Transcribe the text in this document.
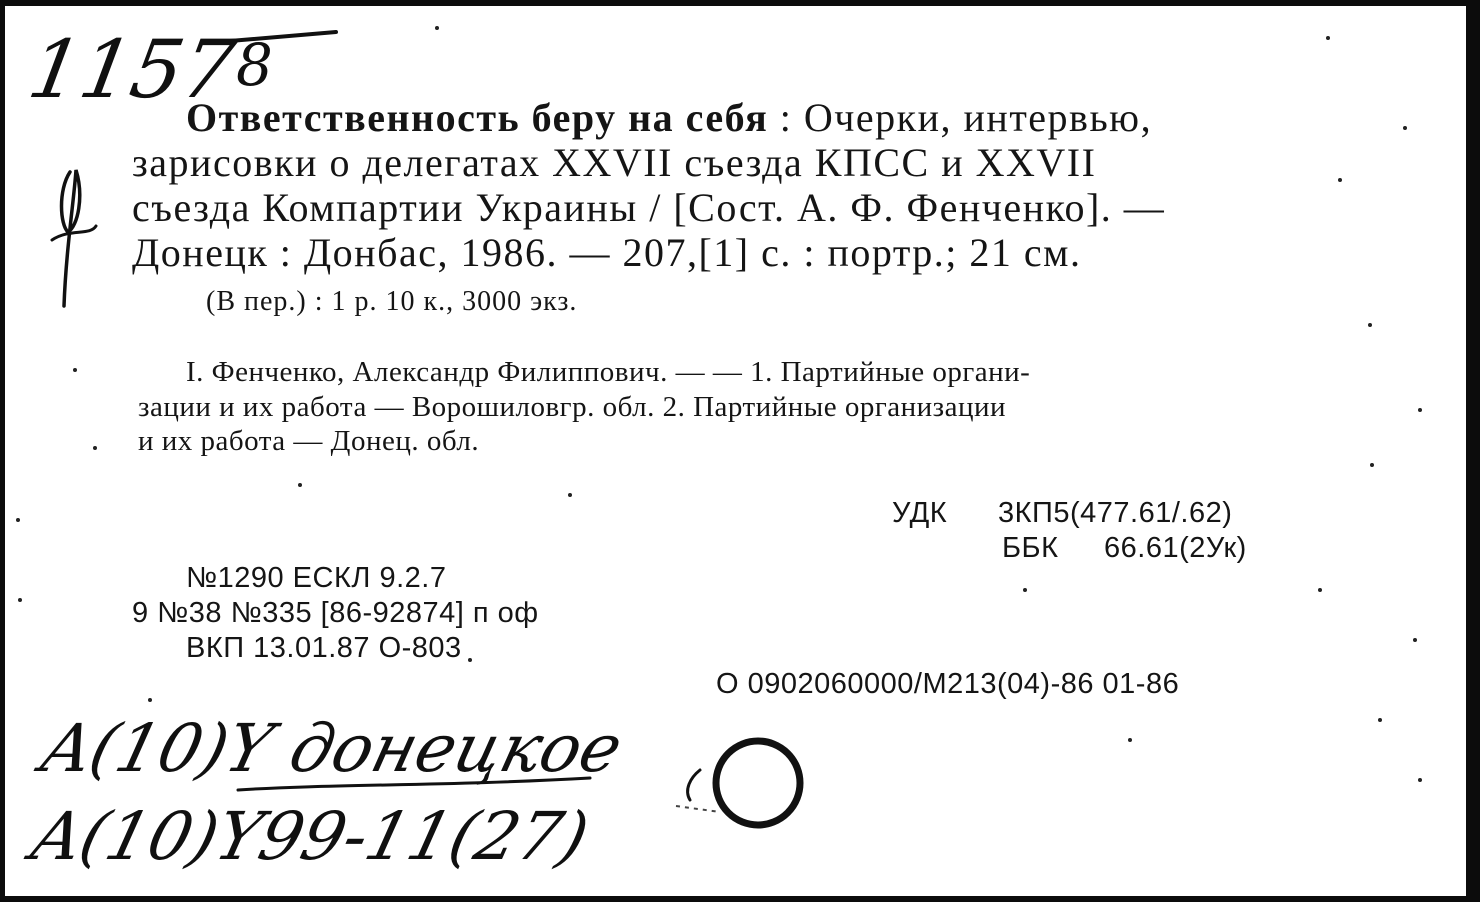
1157
8
Ответственность беру на себя : Очерки, интервью,
зарисовки о делегатах XXVII съезда КПСС и XXVII
съезда Компартии Украины / [Сост. А. Ф. Фенченко]. —
Донецк : Донбас, 1986. — 207,[1] с. : портр.; 21 см.
(В пер.) : 1 р. 10 к., 3000 экз.
I. Фенченко, Александр Филиппович. — — 1. Партийные органи-
зации и их работа — Ворошиловгр. обл. 2. Партийные организации
и их работа — Донец. обл.
УДК 3КП5(477.61/.62)
ББК 66.61(2Ук)
№1290 ЕСКЛ 9.2.7
9 №38 №335 [86-92874] п оф
ВКП 13.01.87 О-803
О 0902060000/М213(04)-86 01-86
A(10)Y донецкое
A(10)Y99-11(27)
